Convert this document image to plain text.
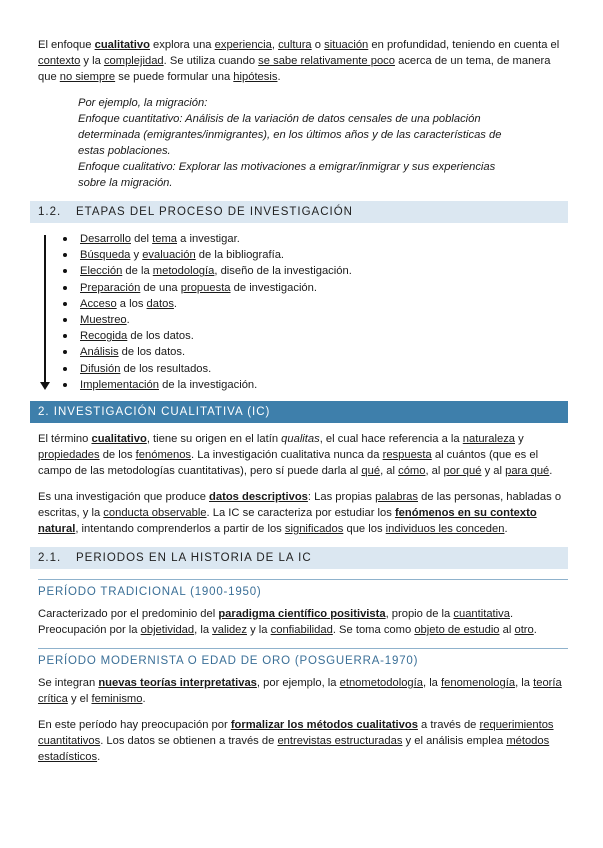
El enfoque cualitativo explora una experiencia, cultura o situación en profundidad, teniendo en cuenta el contexto y la complejidad. Se utiliza cuando se sabe relativamente poco acerca de un tema, de manera que no siempre se puede formular una hipótesis.

Por ejemplo, la migración:

Enfoque cuantitativo: Análisis de la variación de datos censales de una población determinada (emigrantes/inmigrantes), en los últimos años y de las características de estas poblaciones.

Enfoque cualitativo: Explorar las motivaciones a emigrar/inmigrar y sus experiencias sobre la migración.

1.2. ETAPAS DEL PROCESO DE INVESTIGACIÓN
Desarrollo del tema a investigar.
Búsqueda y evaluación de la bibliografía.
Elección de la metodología, diseño de la investigación.
Preparación de una propuesta de investigación.
Acceso a los datos.
Muestreo.
Recogida de los datos.
Análisis de los datos.
Difusión de los resultados.
Implementación de la investigación.
2. INVESTIGACIÓN CUALITATIVA (IC)

El término cualitativo, tiene su origen en el latín qualitas, el cual hace referencia a la naturaleza y propiedades de los fenómenos. La investigación cualitativa nunca da respuesta al cuántos (que es el campo de las metodologías cuantitativas), pero sí puede darla al qué, al cómo, al por qué y al para qué.

Es una investigación que produce datos descriptivos: Las propias palabras de las personas, habladas o escritas, y la conducta observable. La IC se caracteriza por estudiar los fenómenos en su contexto natural, intentando comprenderlos a partir de los significados que los individuos les conceden.

2.1. PERIODOS EN LA HISTORIA DE LA IC
PERÍODO TRADICIONAL (1900-1950)

Caracterizado por el predominio del paradigma científico positivista, propio de la cuantitativa. Preocupación por la objetividad, la validez y la confiabilidad. Se toma como objeto de estudio al otro.

PERÍODO MODERNISTA O EDAD DE ORO (POSGUERRA-1970)

Se integran nuevas teorías interpretativas, por ejemplo, la etnometodología, la fenomenología, la teoría crítica y el feminismo.

En este período hay preocupación por formalizar los métodos cualitativos a través de requerimientos cuantitativos. Los datos se obtienen a través de entrevistas estructuradas y el análisis emplea métodos estadísticos.
